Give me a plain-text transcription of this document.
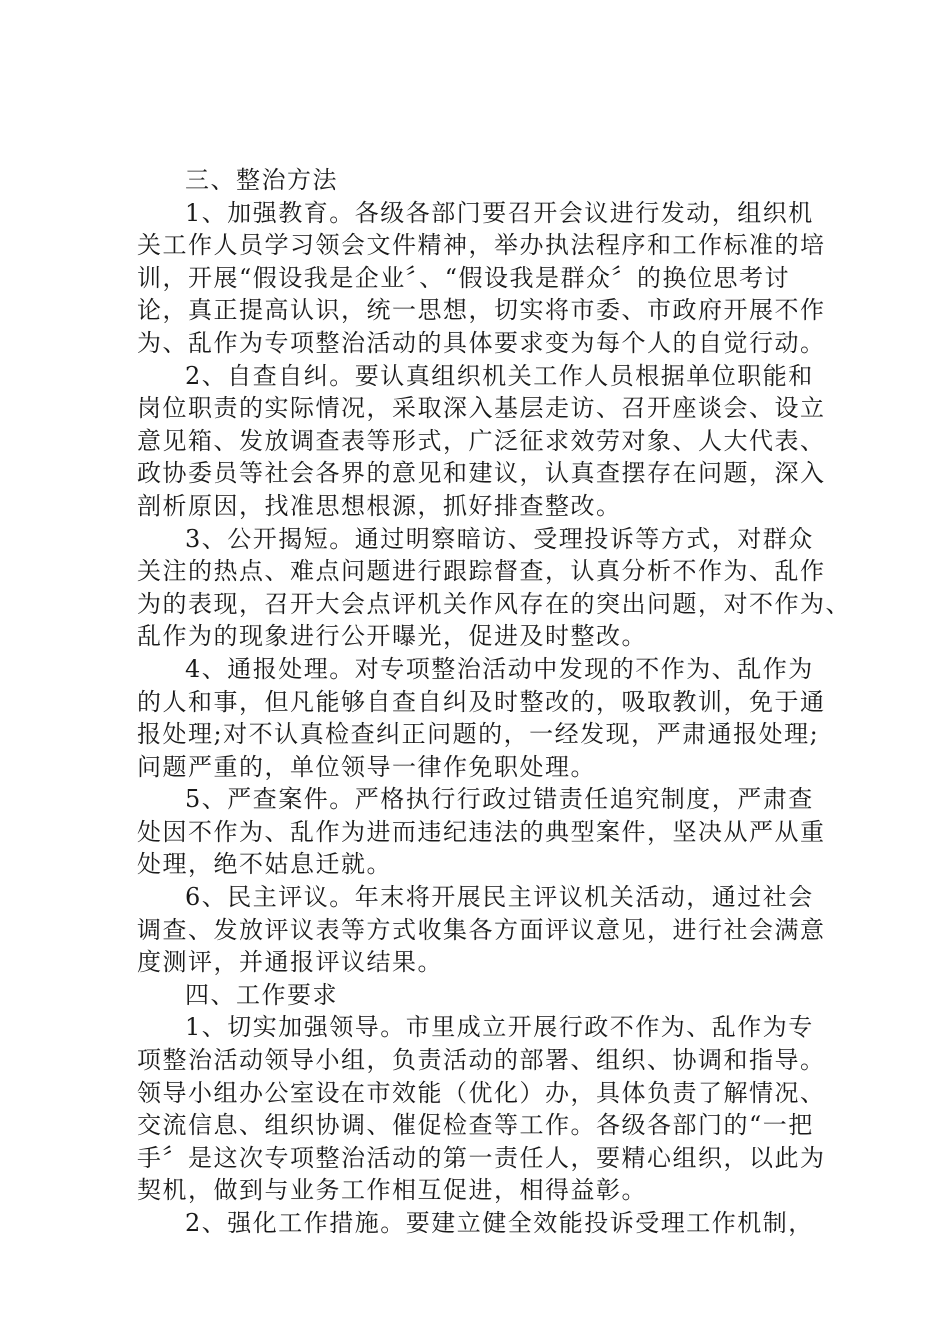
三、整治方法
1、加强教育。各级各部门要召开会议进行发动，组织机
关工作人员学习领会文件精神，举办执法程序和工作标准的培
训，开展“假设我是企业〞、“假设我是群众〞的换位思考讨
论，真正提高认识，统一思想，切实将市委、市政府开展不作
为、乱作为专项整治活动的具体要求变为每个人的自觉行动。
2、自查自纠。要认真组织机关工作人员根据单位职能和
岗位职责的实际情况，采取深入基层走访、召开座谈会、设立
意见箱、发放调查表等形式，广泛征求效劳对象、人大代表、
政协委员等社会各界的意见和建议，认真查摆存在问题，深入
剖析原因，找准思想根源，抓好排查整改。
3、公开揭短。通过明察暗访、受理投诉等方式，对群众
关注的热点、难点问题进行跟踪督查，认真分析不作为、乱作
为的表现，召开大会点评机关作风存在的突出问题，对不作为、
乱作为的现象进行公开曝光，促进及时整改。
4、通报处理。对专项整治活动中发现的不作为、乱作为
的人和事，但凡能够自查自纠及时整改的，吸取教训，免于通
报处理;对不认真检查纠正问题的，一经发现，严肃通报处理;
问题严重的，单位领导一律作免职处理。
5、严查案件。严格执行行政过错责任追究制度，严肃查
处因不作为、乱作为进而违纪违法的典型案件，坚决从严从重
处理，绝不姑息迁就。
6、民主评议。年末将开展民主评议机关活动，通过社会
调查、发放评议表等方式收集各方面评议意见，进行社会满意
度测评，并通报评议结果。
四、工作要求
1、切实加强领导。市里成立开展行政不作为、乱作为专
项整治活动领导小组，负责活动的部署、组织、协调和指导。
领导小组办公室设在市效能（优化）办，具体负责了解情况、
交流信息、组织协调、催促检查等工作。各级各部门的“一把
手〞是这次专项整治活动的第一责任人，要精心组织，以此为
契机，做到与业务工作相互促进，相得益彰。
2、强化工作措施。要建立健全效能投诉受理工作机制，
